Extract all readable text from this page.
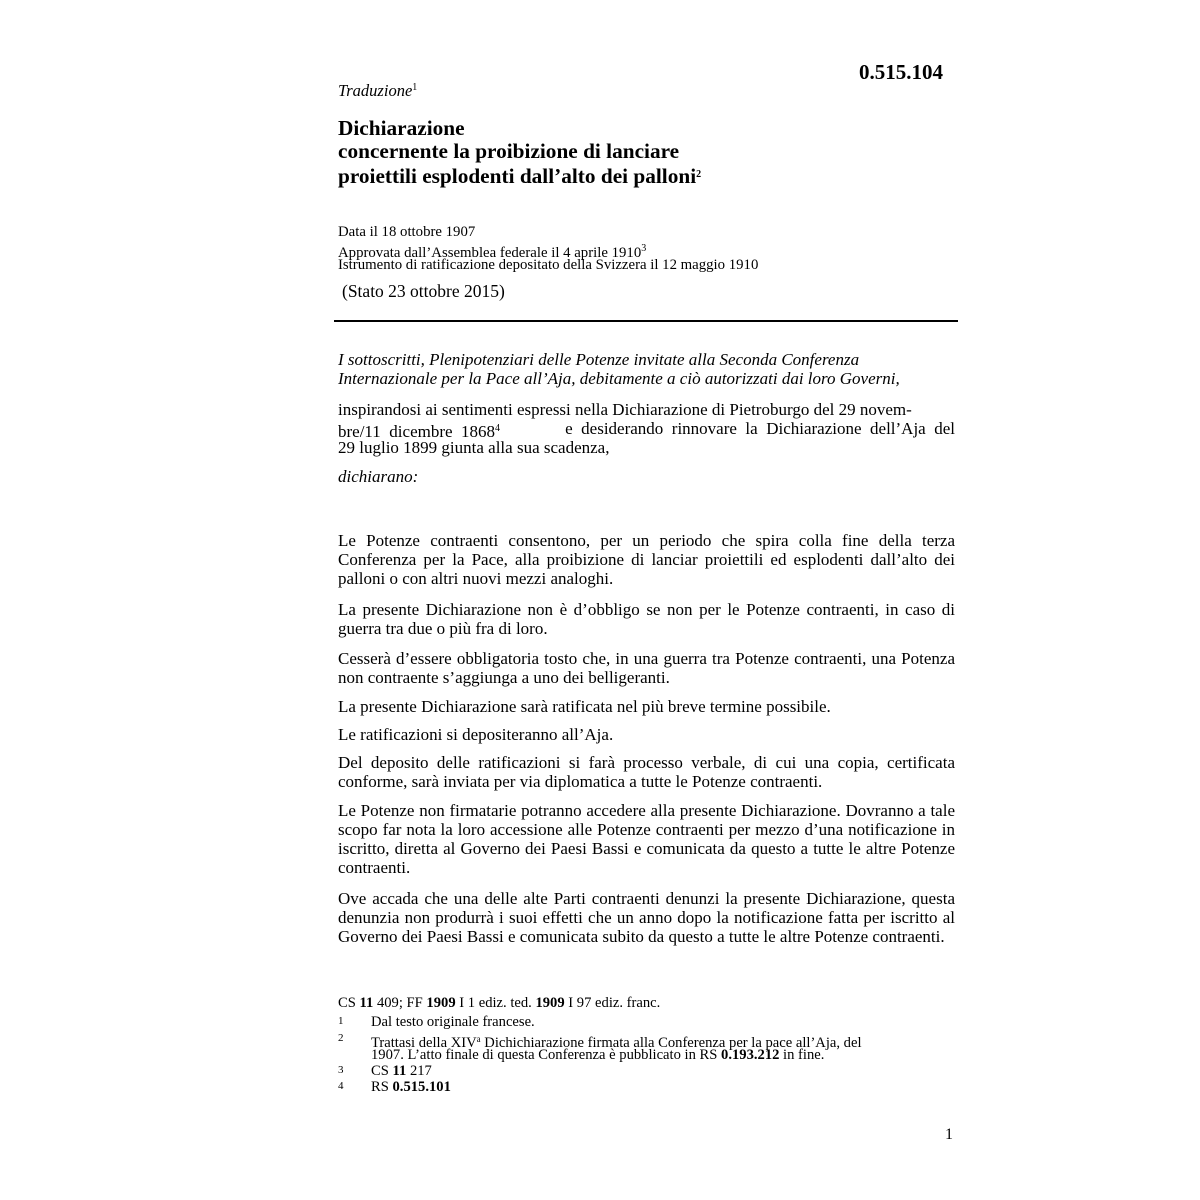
0.515.104
Traduzione$^1$
Dichiarazione
concernente la proibizione di lanciare
proiettili esplodenti dall’alto dei palloni$^2$
Data il 18 ottobre 1907
Approvata dall’Assemblea federale il 4 aprile 1910$^3$
Istrumento di ratificazione depositato della Svizzera il 12 maggio 1910
(Stato 23 ottobre 2015)
I sottoscritti, Plenipotenziari delle Potenze invitate alla Seconda Conferenza
Internazionale per la Pace all’Aja, debitamente a ciò autorizzati dai loro Governi,
inspirandosi ai sentimenti espressi nella Dichiarazione di Pietroburgo del 29 novem-
bre/11  dicembre  1868$^4$	e  desiderando  rinnovare  la  Dichiarazione  dell’Aja  del
29 luglio 1899 giunta alla sua scadenza,
dichiarano:
Le Potenze contraenti consentono, per un periodo che spira colla fine della terza Conferenza per la Pace, alla proibizione di lanciar proiettili ed esplodenti dall’alto dei palloni o con altri nuovi mezzi analoghi.
La presente Dichiarazione non è d’obbligo se non per le Potenze contraenti, in caso di guerra tra due o più fra di loro.
Cesserà d’essere obbligatoria tosto che, in una guerra tra Potenze contraenti, una Potenza non contraente s’aggiunga a uno dei belligeranti.
La presente Dichiarazione sarà ratificata nel più breve termine possibile.
Le ratificazioni si depositeranno all’Aja.
Del deposito delle ratificazioni si farà processo verbale, di cui una copia, certificata conforme, sarà inviata per via diplomatica a tutte le Potenze contraenti.
Le Potenze non firmatarie potranno accedere alla presente Dichiarazione. Dovranno a tale scopo far nota la loro accessione alle Potenze contraenti per mezzo d’una notificazione in iscritto, diretta al Governo dei Paesi Bassi e comunicata da questo a tutte le altre Potenze contraenti.
Ove accada che una delle alte Parti contraenti denunzi la presente Dichiarazione, questa denunzia non produrrà i suoi effetti che un anno dopo la notificazione fatta per iscritto al Governo dei Paesi Bassi e comunicata subito da questo a tutte le altre Potenze contraenti.
CS 11 409; FF 1909 I 1 ediz. ted. 1909 I 97 ediz. franc.
1 Dal testo originale francese.
2 Trattasi della XIV$^a$ Dichichiarazione firmata alla Conferenza per la pace all’Aja, del
1907. L’atto finale di questa Conferenza è pubblicato in RS 0.193.212 in fine.
3 CS 11 217
4 RS 0.515.101
1
